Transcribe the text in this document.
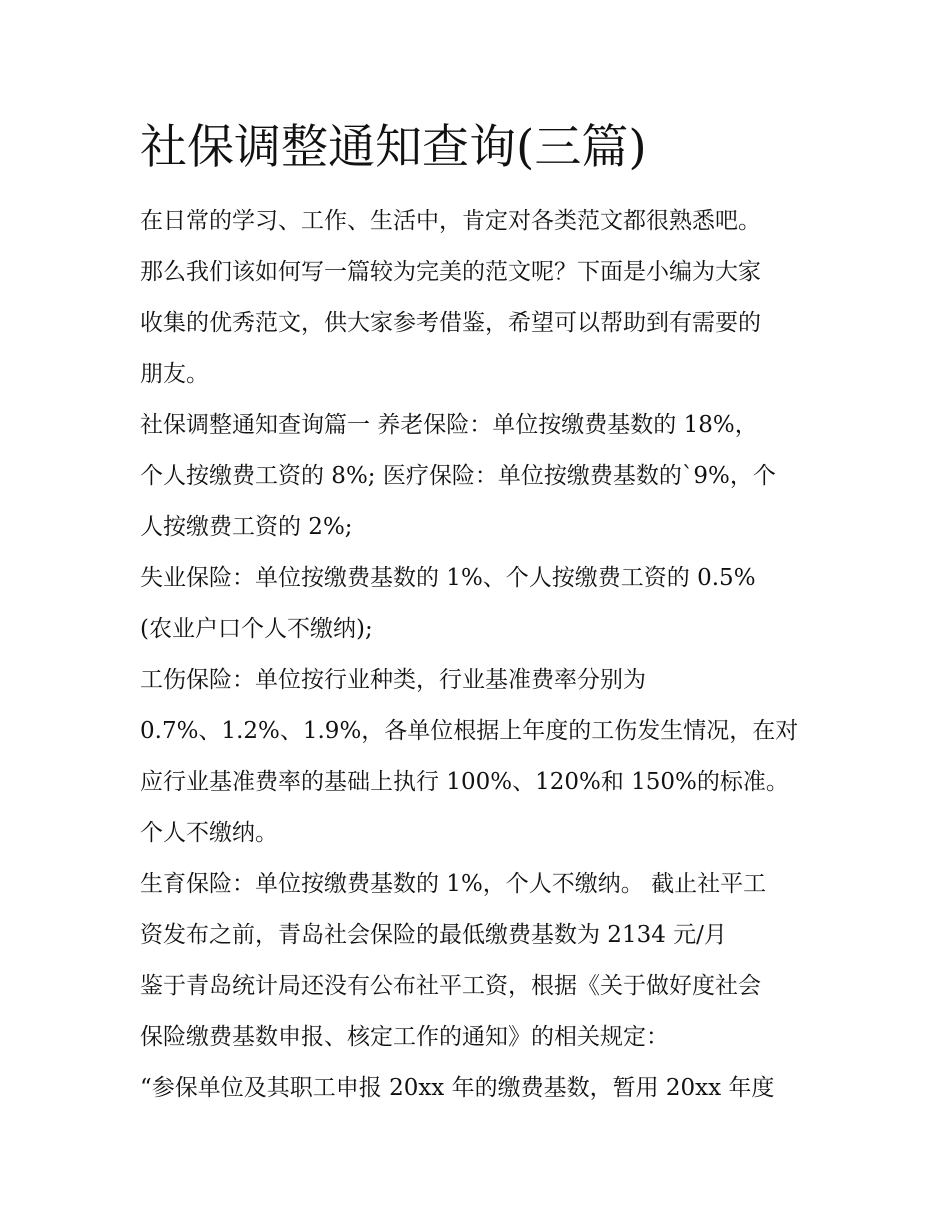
社保调整通知查询(三篇)

在日常的学习、工作、生活中，肯定对各类范文都很熟悉吧。

那么我们该如何写一篇较为完美的范文呢？下面是小编为大家

收集的优秀范文，供大家参考借鉴，希望可以帮助到有需要的

朋友。

社保调整通知查询篇一 养老保险：单位按缴费基数的 18%，

个人按缴费工资的 8%; 医疗保险：单位按缴费基数的`9%，个

人按缴费工资的 2%;

失业保险：单位按缴费基数的 1%、个人按缴费工资的 0.5%

(农业户口个人不缴纳);

工伤保险：单位按行业种类，行业基准费率分别为

0.7%、1.2%、1.9%，各单位根据上年度的工伤发生情况，在对

应行业基准费率的基础上执行 100%、120%和 150%的标准。

个人不缴纳。

生育保险：单位按缴费基数的 1%，个人不缴纳。 截止社平工

资发布之前，青岛社会保险的最低缴费基数为 2134 元/月

鉴于青岛统计局还没有公布社平工资，根据《关于做好度社会

保险缴费基数申报、核定工作的通知》的相关规定：

“参保单位及其职工申报 20xx 年的缴费基数，暂用 20xx 年度
